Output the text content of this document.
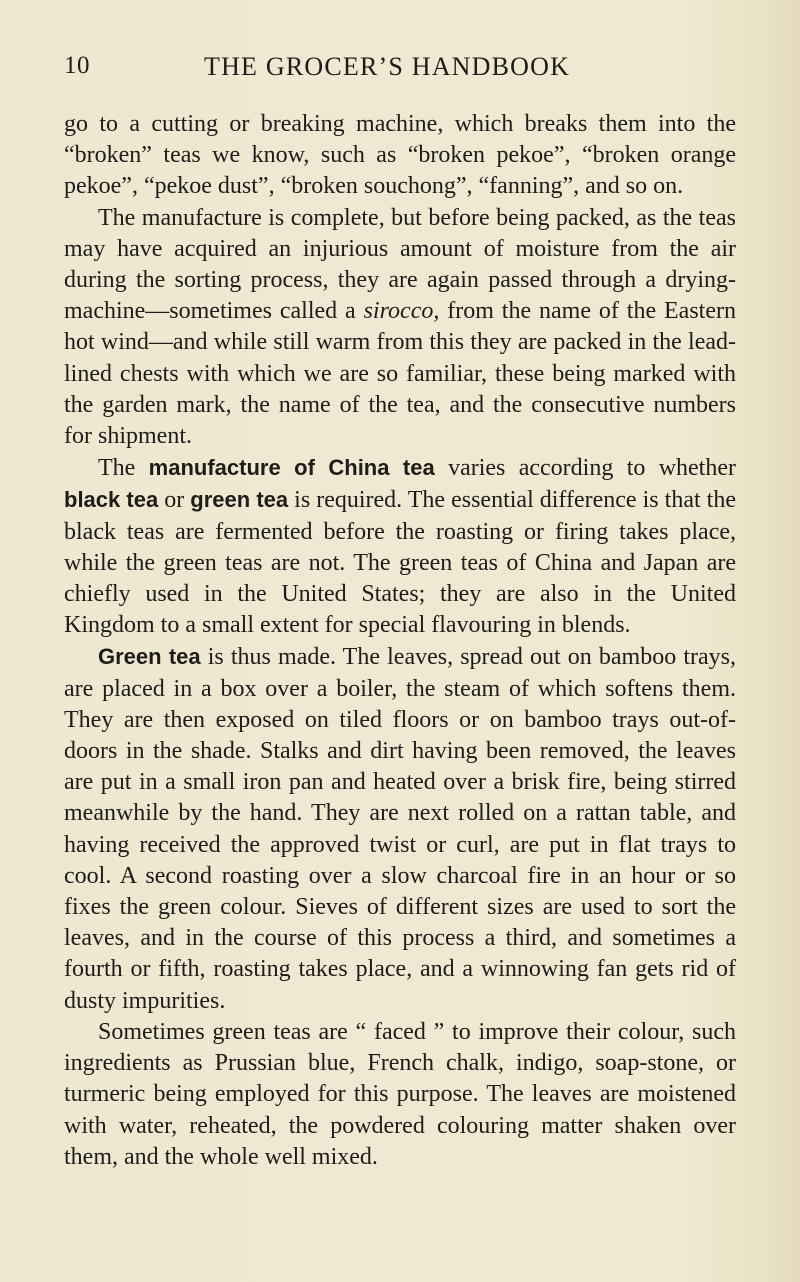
10	THE GROCER’S HANDBOOK

go to a cutting or breaking machine, which breaks them into the “broken” teas we know, such as “broken pekoe”, “broken orange pekoe”, “pekoe dust”, “broken souchong”, “fanning”, and so on.

The manufacture is complete, but before being packed, as the teas may have acquired an injurious amount of moisture from the air during the sorting process, they are again passed through a drying-machine—sometimes called a sirocco, from the name of the Eastern hot wind—and while still warm from this they are packed in the lead-lined chests with which we are so familiar, these being marked with the garden mark, the name of the tea, and the consecutive numbers for shipment.

The manufacture of China tea varies according to whether black tea or green tea is required. The essential difference is that the black teas are fermented before the roasting or firing takes place, while the green teas are not. The green teas of China and Japan are chiefly used in the United States; they are also in the United Kingdom to a small extent for special flavouring in blends.

Green tea is thus made. The leaves, spread out on bamboo trays, are placed in a box over a boiler, the steam of which softens them. They are then exposed on tiled floors or on bamboo trays out-of-doors in the shade. Stalks and dirt having been removed, the leaves are put in a small iron pan and heated over a brisk fire, being stirred meanwhile by the hand. They are next rolled on a rattan table, and having received the approved twist or curl, are put in flat trays to cool. A second roasting over a slow charcoal fire in an hour or so fixes the green colour. Sieves of different sizes are used to sort the leaves, and in the course of this process a third, and sometimes a fourth or fifth, roasting takes place, and a winnowing fan gets rid of dusty impurities.

Sometimes green teas are “ faced ” to improve their colour, such ingredients as Prussian blue, French chalk, indigo, soap-stone, or turmeric being employed for this purpose. The leaves are moistened with water, reheated, the powdered colouring matter shaken over them, and the whole well mixed.
